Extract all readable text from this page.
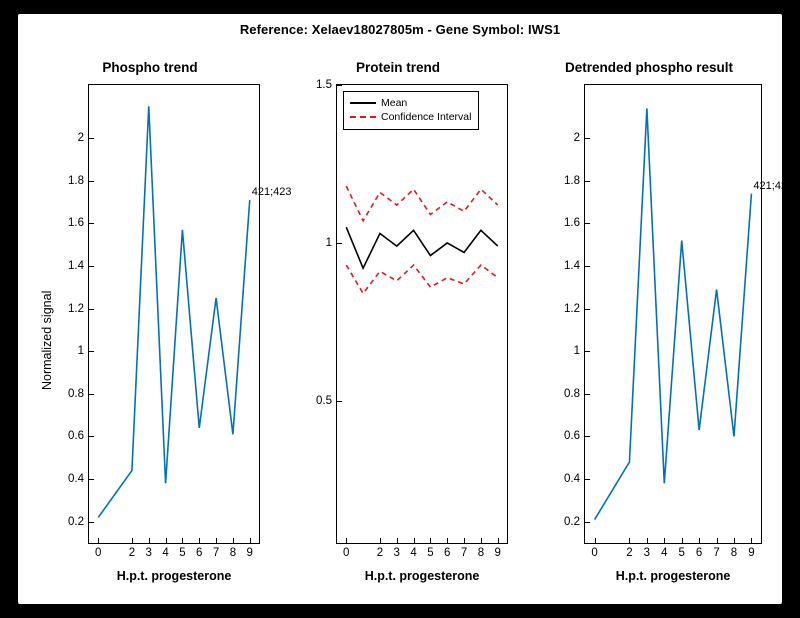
Reference: Xelaev18027805m - Gene Symbol: IWS1
Phospho trend
Normalized signal
H.p.t. progesterone
0.2
0.4
0.6
0.8
1
1.2
1.4
1.6
1.8
2
0 2 3 4 5 6 7 8 9
421;423
Protein trend
Mean
Confidence Interval
H.p.t. progesterone
0.5
1
1.5
0 2 3 4 5 6 7 8 9
Detrended phospho result
H.p.t. progesterone
0.2
0.4
0.6
0.8
1
1.2
1.4
1.6
1.8
2
0 2 3 4 5 6 7 8 9
421;423
